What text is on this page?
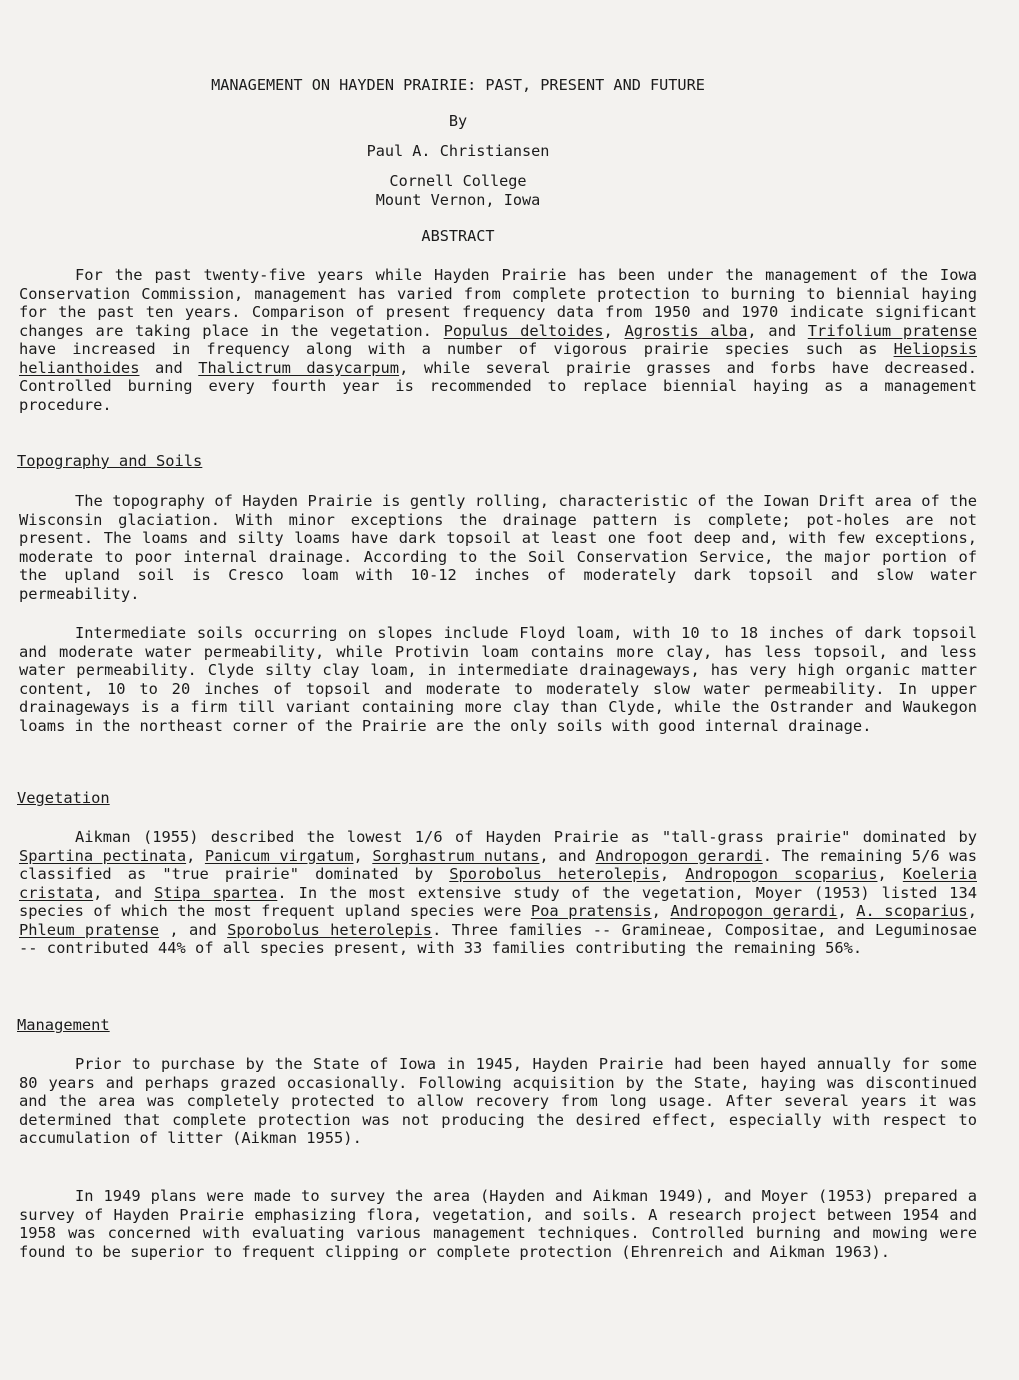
MANAGEMENT ON HAYDEN PRAIRIE: PAST, PRESENT AND FUTURE
By
Paul A. Christiansen
Cornell College
Mount Vernon, Iowa
ABSTRACT
For the past twenty-five years while Hayden Prairie has been under the management of the Iowa Conservation Commission, management has varied from complete protection to burning to biennial haying for the past ten years. Comparison of present frequency data from 1950 and 1970 indicate significant changes are taking place in the vegetation. Populus deltoides, Agrostis alba, and Trifolium pratense have increased in frequency along with a number of vigorous prairie species such as Heliopsis helianthoides and Thalictrum dasycarpum, while several prairie grasses and forbs have decreased. Controlled burning every fourth year is recommended to replace biennial haying as a management procedure.
Topography and Soils
The topography of Hayden Prairie is gently rolling, characteristic of the Iowan Drift area of the Wisconsin glaciation. With minor exceptions the drainage pattern is complete; pot-holes are not present. The loams and silty loams have dark topsoil at least one foot deep and, with few exceptions, moderate to poor internal drainage. According to the Soil Conservation Service, the major portion of the upland soil is Cresco loam with 10-12 inches of moderately dark topsoil and slow water permeability.
Intermediate soils occurring on slopes include Floyd loam, with 10 to 18 inches of dark topsoil and moderate water permeability, while Protivin loam contains more clay, has less topsoil, and less water permeability. Clyde silty clay loam, in intermediate drainageways, has very high organic matter content, 10 to 20 inches of topsoil and moderate to moderately slow water permeability. In upper drainageways is a firm till variant containing more clay than Clyde, while the Ostrander and Waukegon loams in the northeast corner of the Prairie are the only soils with good internal drainage.
Vegetation
Aikman (1955) described the lowest 1/6 of Hayden Prairie as "tall-grass prairie" dominated by Spartina pectinata, Panicum virgatum, Sorghastrum nutans, and Andropogon gerardi. The remaining 5/6 was classified as "true prairie" dominated by Sporobolus heterolepis, Andropogon scoparius, Koeleria cristata, and Stipa spartea. In the most extensive study of the vegetation, Moyer (1953) listed 134 species of which the most frequent upland species were Poa pratensis, Andropogon gerardi, A. scoparius, Phleum pratense , and Sporobolus heterolepis. Three families -- Gramineae, Compositae, and Leguminosae -- contributed 44% of all species present, with 33 families contributing the remaining 56%.
Management
Prior to purchase by the State of Iowa in 1945, Hayden Prairie had been hayed annually for some 80 years and perhaps grazed occasionally. Following acquisition by the State, haying was discontinued and the area was completely protected to allow recovery from long usage. After several years it was determined that complete protection was not producing the desired effect, especially with respect to accumulation of litter (Aikman 1955).
In 1949 plans were made to survey the area (Hayden and Aikman 1949), and Moyer (1953) prepared a survey of Hayden Prairie emphasizing flora, vegetation, and soils. A research project between 1954 and 1958 was concerned with evaluating various management techniques. Controlled burning and mowing were found to be superior to frequent clipping or complete protection (Ehrenreich and Aikman 1963).
